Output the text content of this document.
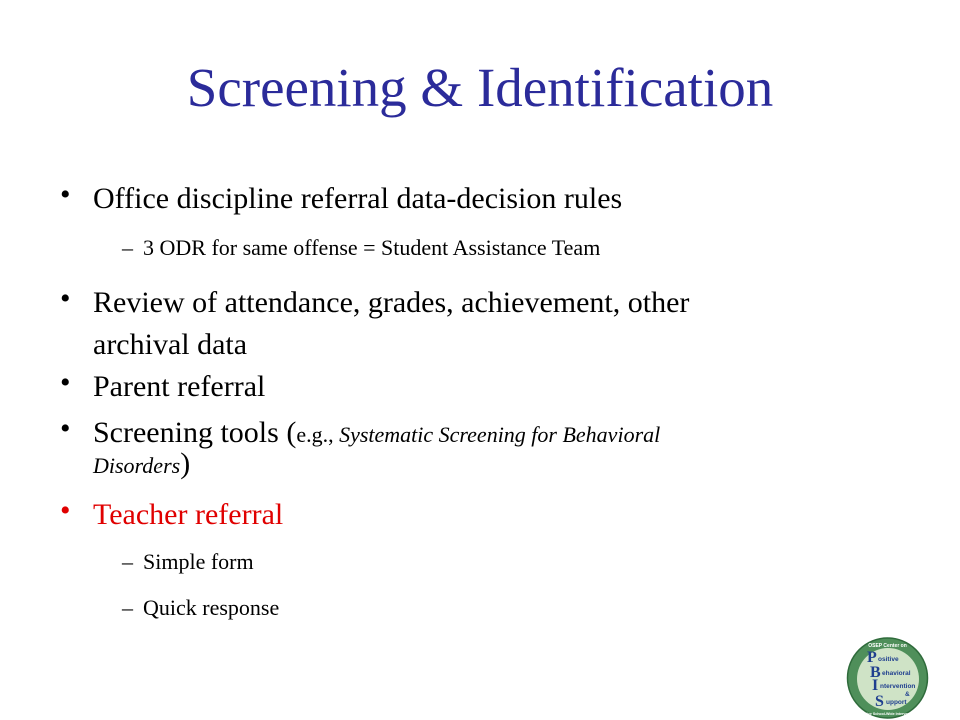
Screening & Identification
• Office discipline referral data-decision rules
– 3 ODR for same offense = Student Assistance Team
• Review of attendance, grades, achievement, other
archival data
• Parent referral
• Screening tools (e.g., Systematic Screening for Behavioral
Disorders)
• Teacher referral
– Simple form
– Quick response
OSEP Center on
P ositive
B ehavioral
I ntervention
&
S upport
Effective School-Wide Interventions
